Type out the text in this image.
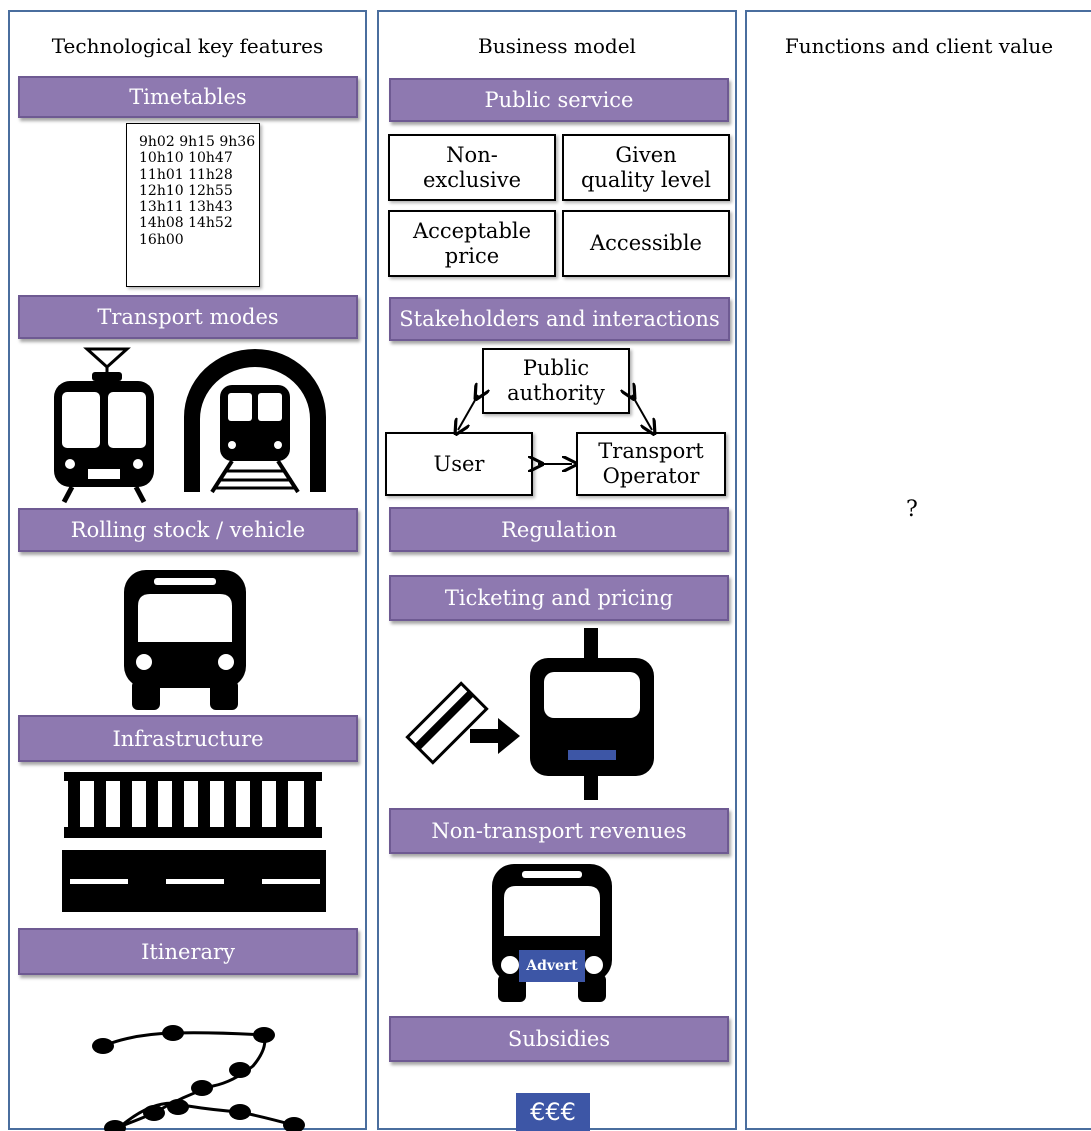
Technological key features	Business model	Functions and client value
Timetables
9h02 9h15 9h36
10h10 10h47
11h01 11h28
12h10 12h55
13h11 13h43
14h08 14h52
16h00
Transport modes
Rolling stock / vehicle
Infrastructure
Itinerary
Public service
Non-
exclusive
Given
quality level
Acceptable
price
Accessible
Stakeholders and interactions
Public
authority
User
Transport
Operator
Regulation
Ticketing and pricing
Non-transport revenues
Advert
Subsidies
€€€
?
